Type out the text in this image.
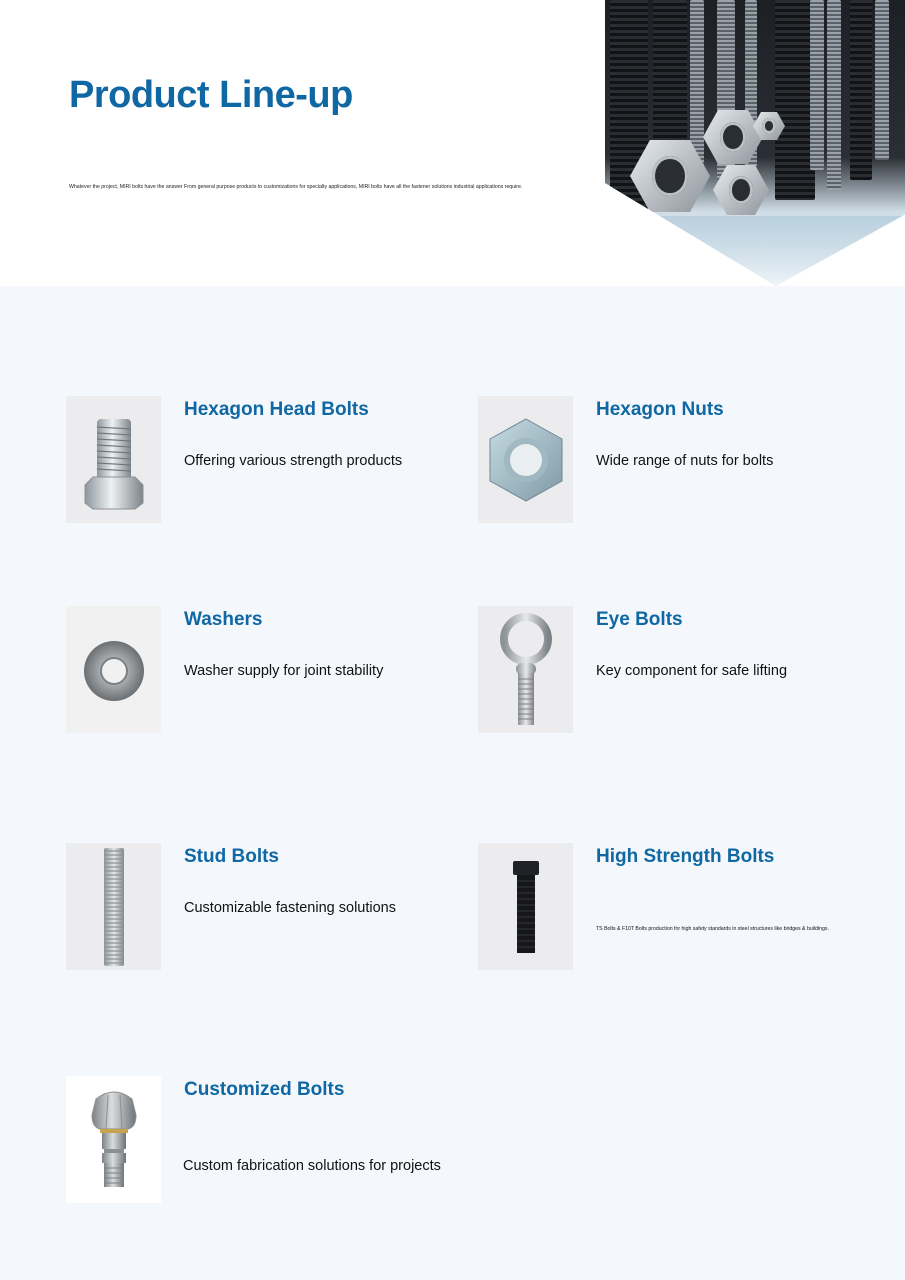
Product Line-up

Whatever the project, MIRI bolts have the answer From general purpose products to customizations for specialty applications, MIRI bolts have all the fastener solutions industrial applications require.

Hexagon Head Bolts
Offering various strength products
Hexagon Nuts
Wide range of nuts for bolts
Washers
Washer supply for joint stability
Eye Bolts
Key component for safe lifting
Stud Bolts
Customizable fastening solutions
High Strength Bolts
TS Bolts & F10T Bolts production for high safety standards in steel structures like bridges & buildings.
Customized Bolts
Custom fabrication solutions for projects
